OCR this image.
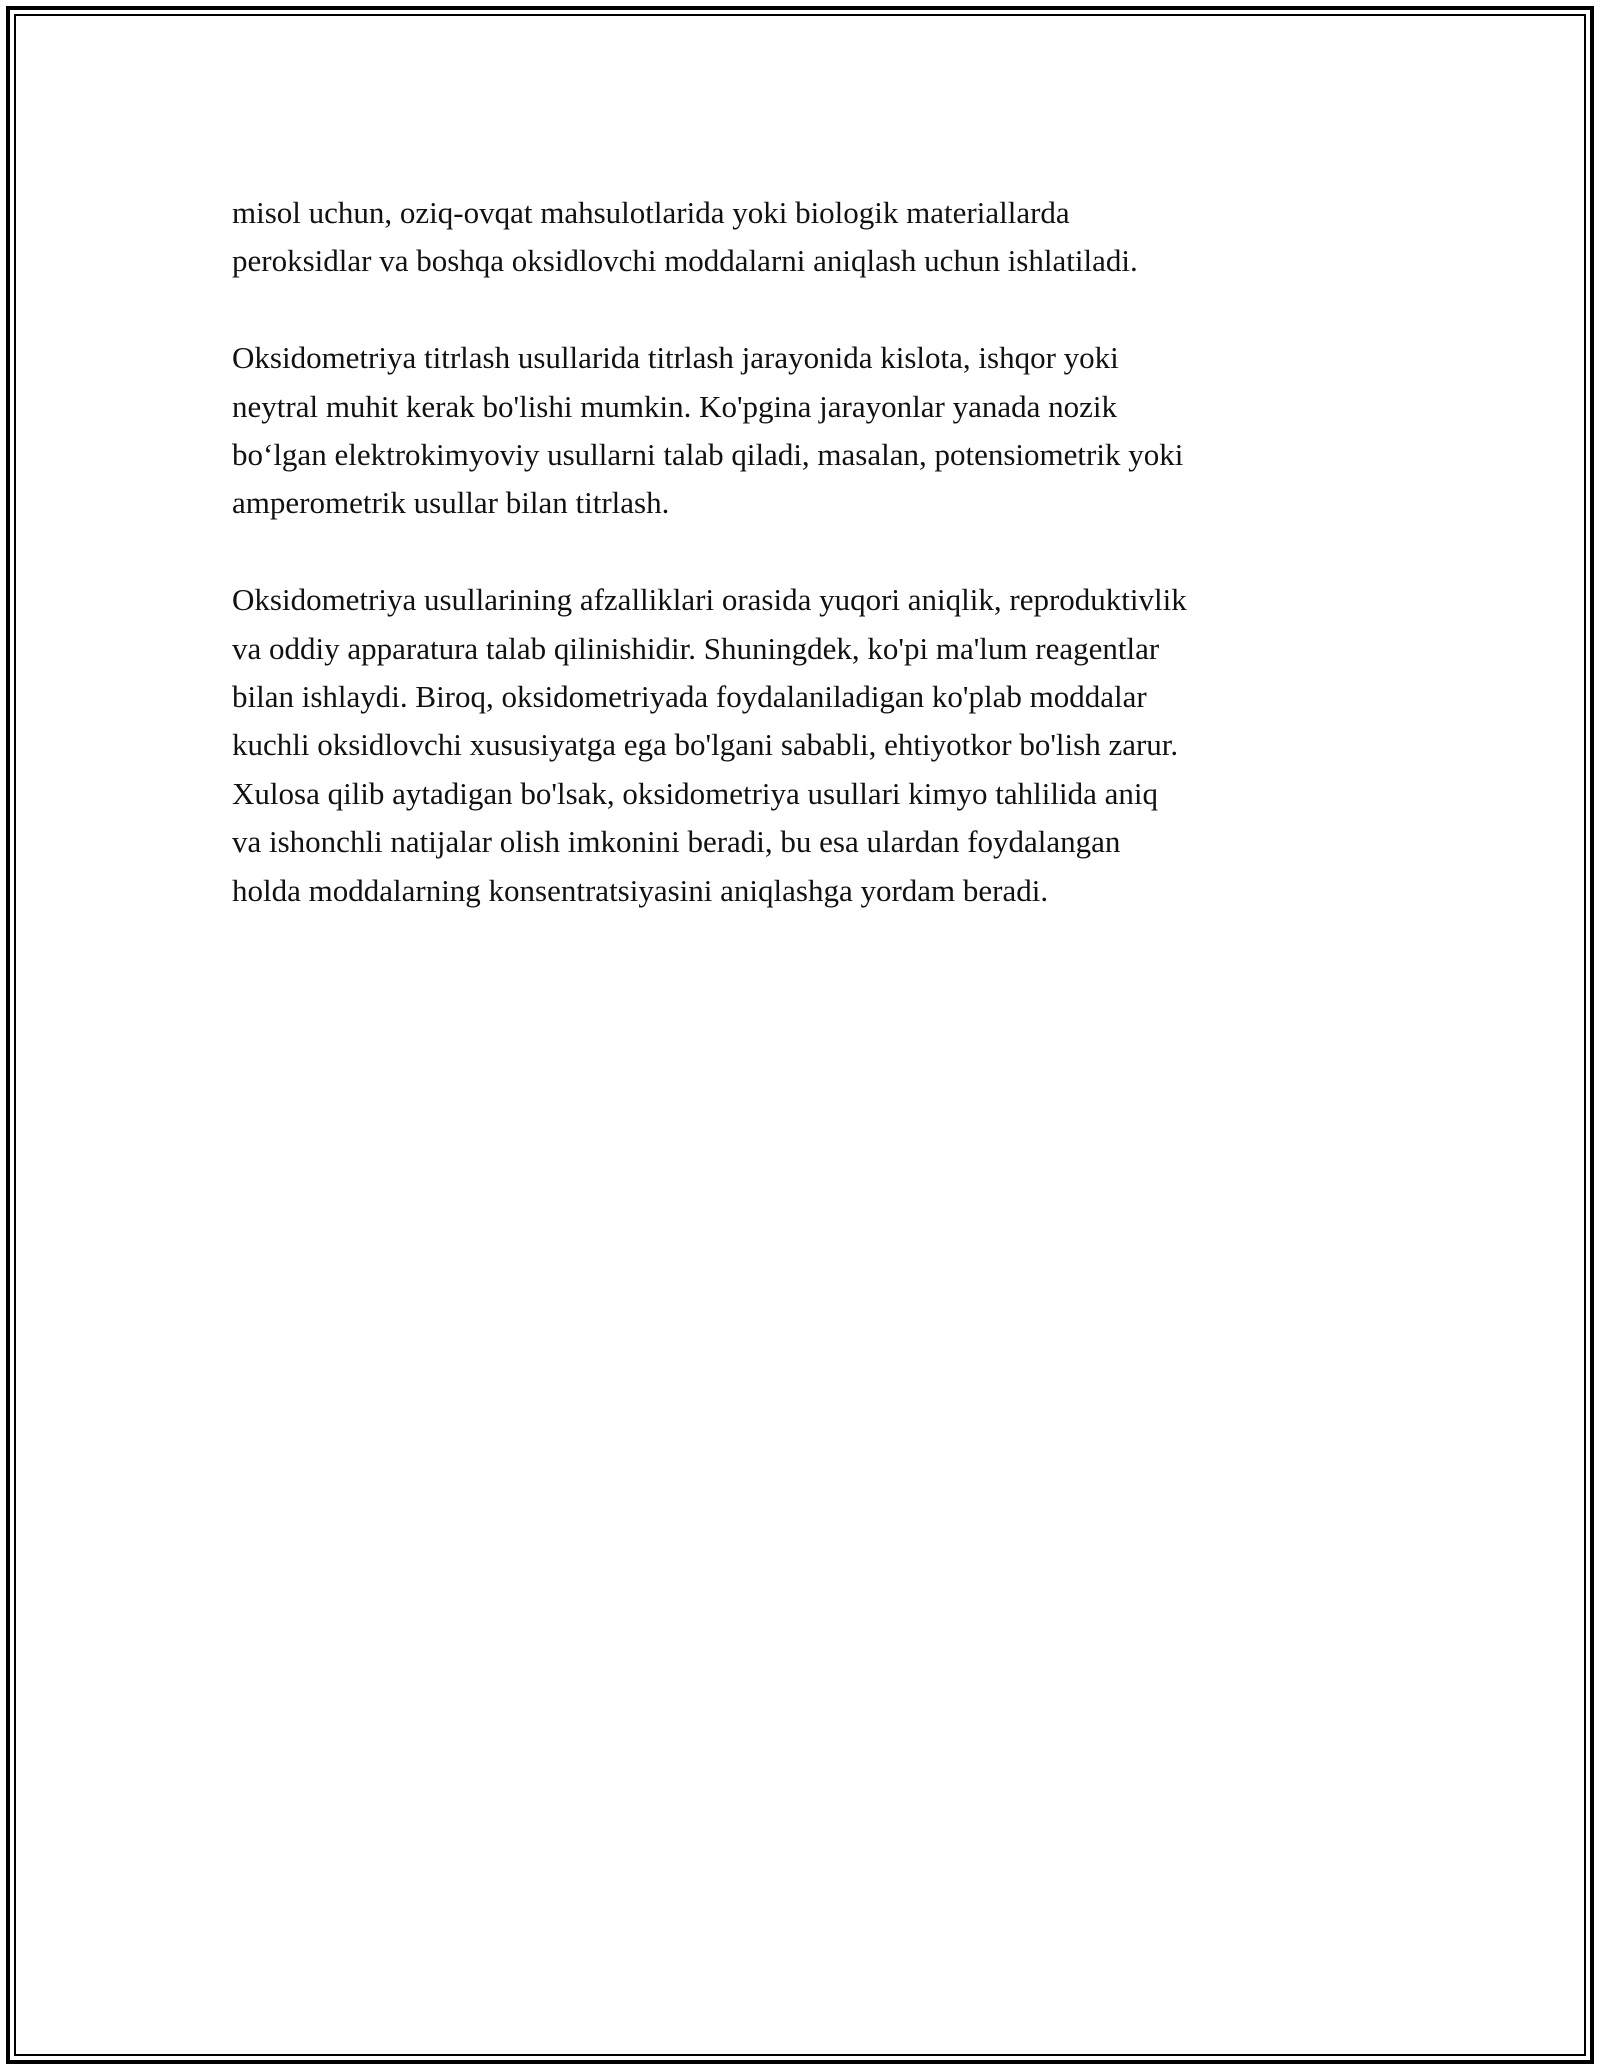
misol uchun, oziq-ovqat mahsulotlarida yoki biologik materiallarda
peroksidlar va boshqa oksidlovchi moddalarni aniqlash uchun ishlatiladi.

Oksidometriya titrlash usullarida titrlash jarayonida kislota, ishqor yoki
neytral muhit kerak bo'lishi mumkin. Ko'pgina jarayonlar yanada nozik
bo‘lgan elektrokimyoviy usullarni talab qiladi, masalan, potensiometrik yoki
amperometrik usullar bilan titrlash.

Oksidometriya usullarining afzalliklari orasida yuqori aniqlik, reproduktivlik
va oddiy apparatura talab qilinishidir. Shuningdek, ko'pi ma'lum reagentlar
bilan ishlaydi. Biroq, oksidometriyada foydalaniladigan ko'plab moddalar
kuchli oksidlovchi xususiyatga ega bo'lgani sababli, ehtiyotkor bo'lish zarur.
Xulosa qilib aytadigan bo'lsak, oksidometriya usullari kimyo tahlilida aniq
va ishonchli natijalar olish imkonini beradi, bu esa ulardan foydalangan
holda moddalarning konsentratsiyasini aniqlashga yordam beradi.
